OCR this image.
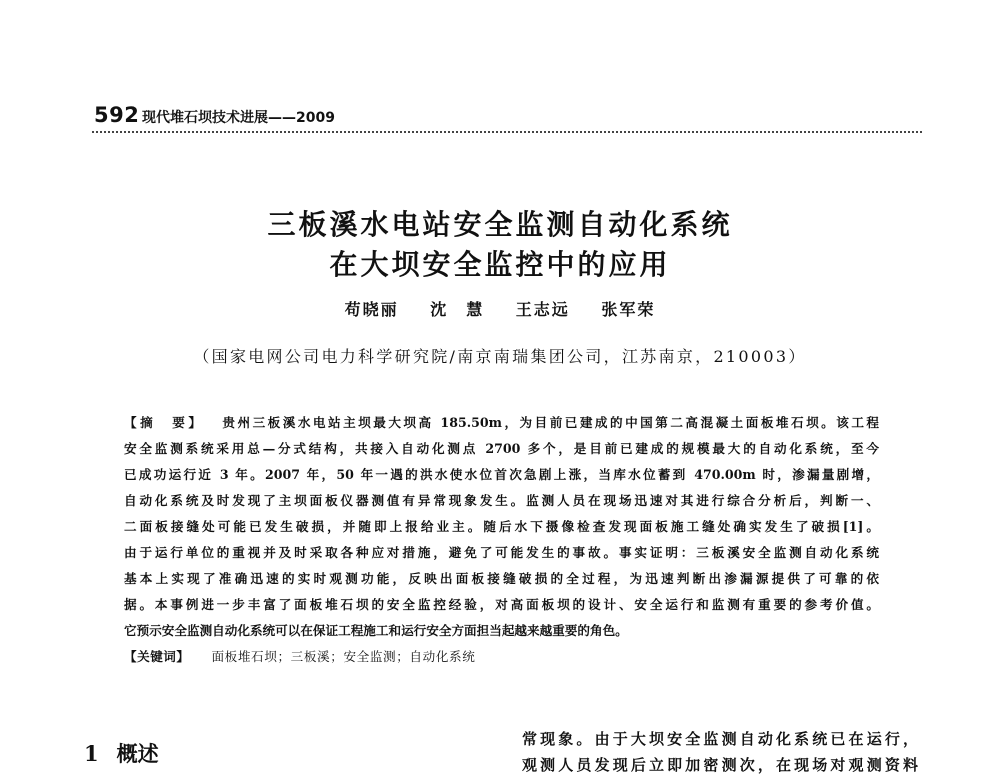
592 现代堆石坝技术进展——2009
三板溪水电站安全监测自动化系统
在大坝安全监控中的应用
苟晓丽 沈　慧 王志远 张军荣
（国家电网公司电力科学研究院/南京南瑞集团公司，江苏南京，210003）
【摘　要】 贵州三板溪水电站主坝最大坝高 185.50m，为目前已建成的中国第二高混凝土面板堆石坝。该工程
安全监测系统采用总—分式结构，共接入自动化测点 2700 多个，是目前已建成的规模最大的自动化系统，至今
已成功运行近 3 年。2007 年，50 年一遇的洪水使水位首次急剧上涨，当库水位蓄到 470.00m 时，渗漏量剧增，
自动化系统及时发现了主坝面板仪器测值有异常现象发生。监测人员在现场迅速对其进行综合分析后，判断一、
二面板接缝处可能已发生破损，并随即上报给业主。随后水下摄像检查发现面板施工缝处确实发生了破损[1]。
由于运行单位的重视并及时采取各种应对措施，避免了可能发生的事故。事实证明：三板溪安全监测自动化系统
基本上实现了准确迅速的实时观测功能，反映出面板接缝破损的全过程，为迅速判断出渗漏源提供了可靠的依
据。本事例进一步丰富了面板堆石坝的安全监控经验，对高面板坝的设计、安全运行和监测有重要的参考价值。
它预示安全监测自动化系统可以在保证工程施工和运行安全方面担当起越来越重要的角色。
【关键词】 面板堆石坝；三板溪；安全监测；自动化系统
1 概述
常现象。由于大坝安全监测自动化系统已在运行，
观测人员发现后立即加密测次，在现场对观测资料
